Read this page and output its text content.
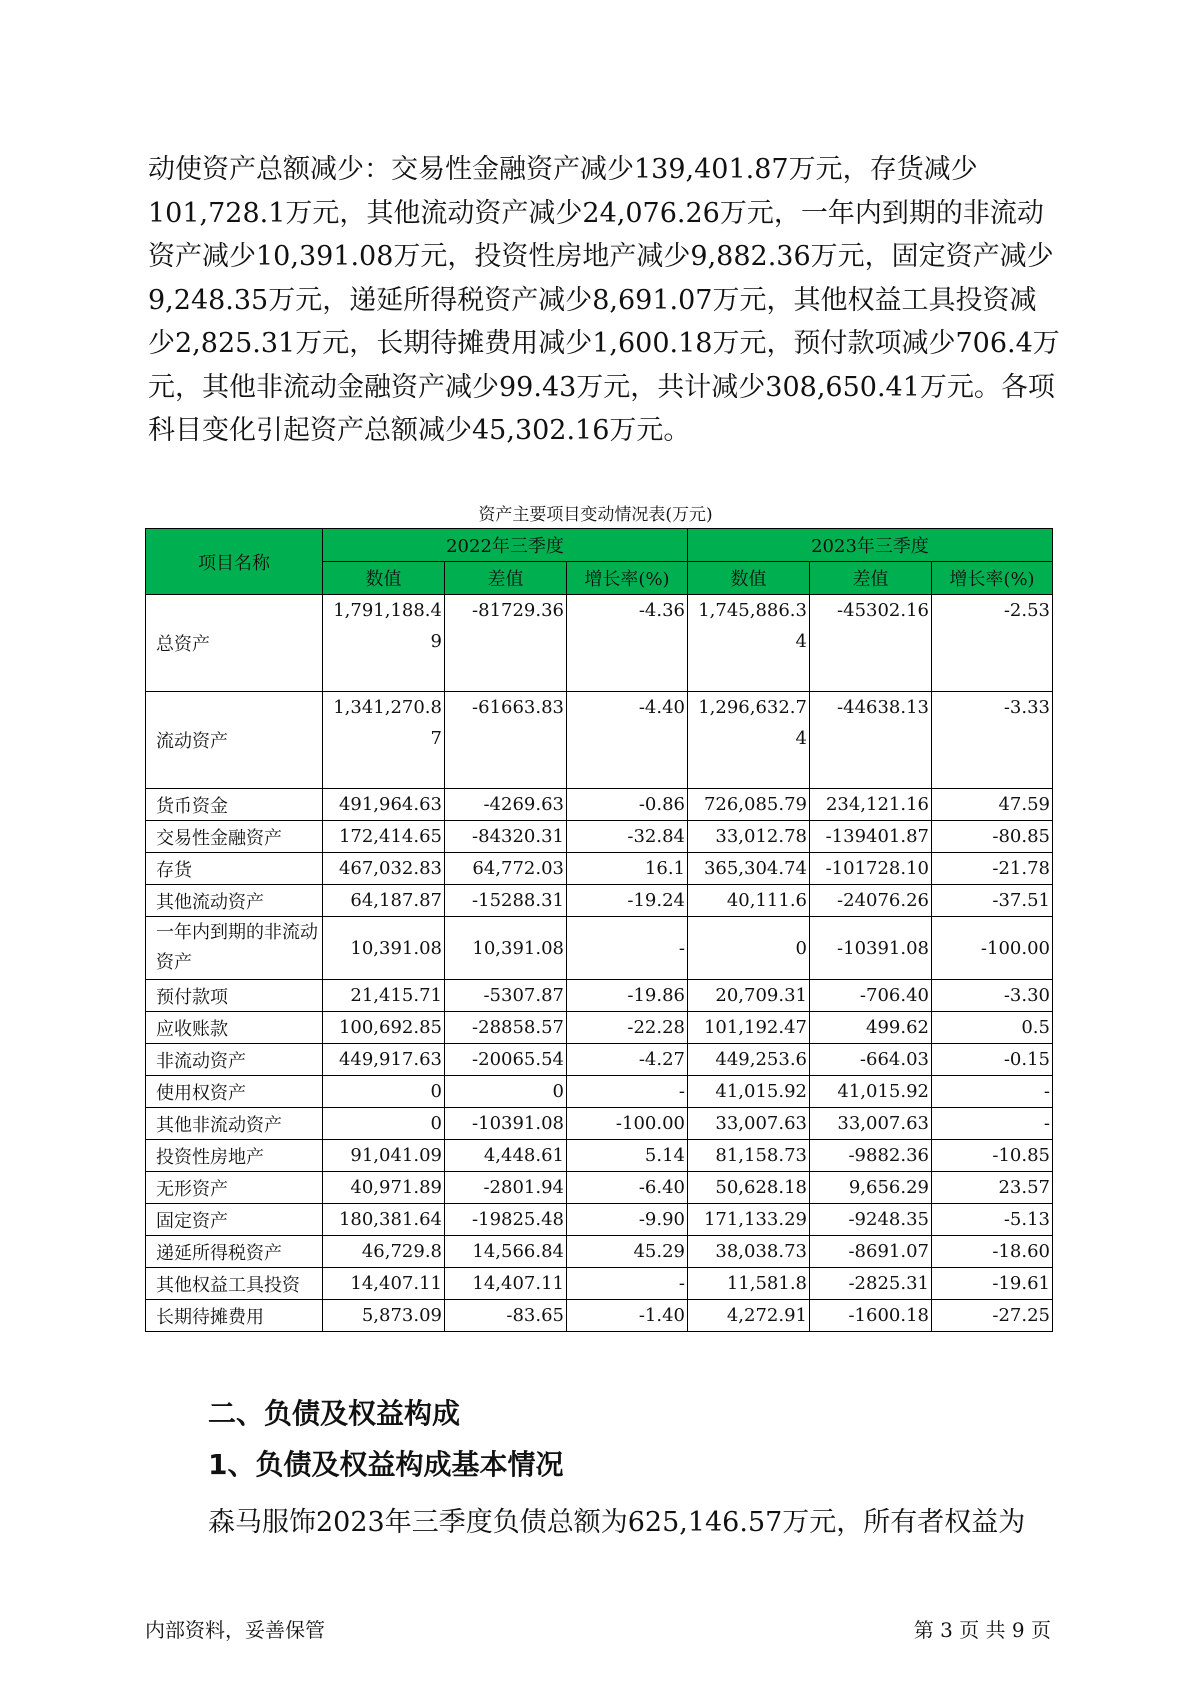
动使资产总额减少：交易性金融资产减少139,401.87万元，存货减少
101,728.1万元，其他流动资产减少24,076.26万元，一年内到期的非流动
资产减少10,391.08万元，投资性房地产减少9,882.36万元，固定资产减少
9,248.35万元，递延所得税资产减少8,691.07万元，其他权益工具投资减
少2,825.31万元，长期待摊费用减少1,600.18万元，预付款项减少706.4万
元，其他非流动金融资产减少99.43万元，共计减少308,650.41万元。各项
科目变化引起资产总额减少45,302.16万元。

资产主要项目变动情况表(万元)
项目名称	2022年三季度			2023年三季度		
	数值	差值	增长率(%)	数值	差值	增长率(%)
总资产	1,791,188.49	-81729.36	-4.36	1,745,886.34	-45302.16	-2.53
流动资产	1,341,270.87	-61663.83	-4.40	1,296,632.74	-44638.13	-3.33
货币资金	491,964.63	-4269.63	-0.86	726,085.79	234,121.16	47.59
交易性金融资产	172,414.65	-84320.31	-32.84	33,012.78	-139401.87	-80.85
存货	467,032.83	64,772.03	16.1	365,304.74	-101728.10	-21.78
其他流动资产	64,187.87	-15288.31	-19.24	40,111.6	-24076.26	-37.51
一年内到期的非流动资产	10,391.08	10,391.08	-	0	-10391.08	-100.00
预付款项	21,415.71	-5307.87	-19.86	20,709.31	-706.40	-3.30
应收账款	100,692.85	-28858.57	-22.28	101,192.47	499.62	0.5
非流动资产	449,917.63	-20065.54	-4.27	449,253.6	-664.03	-0.15
使用权资产	0	0	-	41,015.92	41,015.92	-
其他非流动资产	0	-10391.08	-100.00	33,007.63	33,007.63	-
投资性房地产	91,041.09	4,448.61	5.14	81,158.73	-9882.36	-10.85
无形资产	40,971.89	-2801.94	-6.40	50,628.18	9,656.29	23.57
固定资产	180,381.64	-19825.48	-9.90	171,133.29	-9248.35	-5.13
递延所得税资产	46,729.8	14,566.84	45.29	38,038.73	-8691.07	-18.60
其他权益工具投资	14,407.11	14,407.11	-	11,581.8	-2825.31	-19.61
长期待摊费用	5,873.09	-83.65	-1.40	4,272.91	-1600.18	-27.25
二、负债及权益构成
1、负债及权益构成基本情况

森马服饰2023年三季度负债总额为625,146.57万元，所有者权益为

内部资料，妥善保管	第 3 页 共 9 页
